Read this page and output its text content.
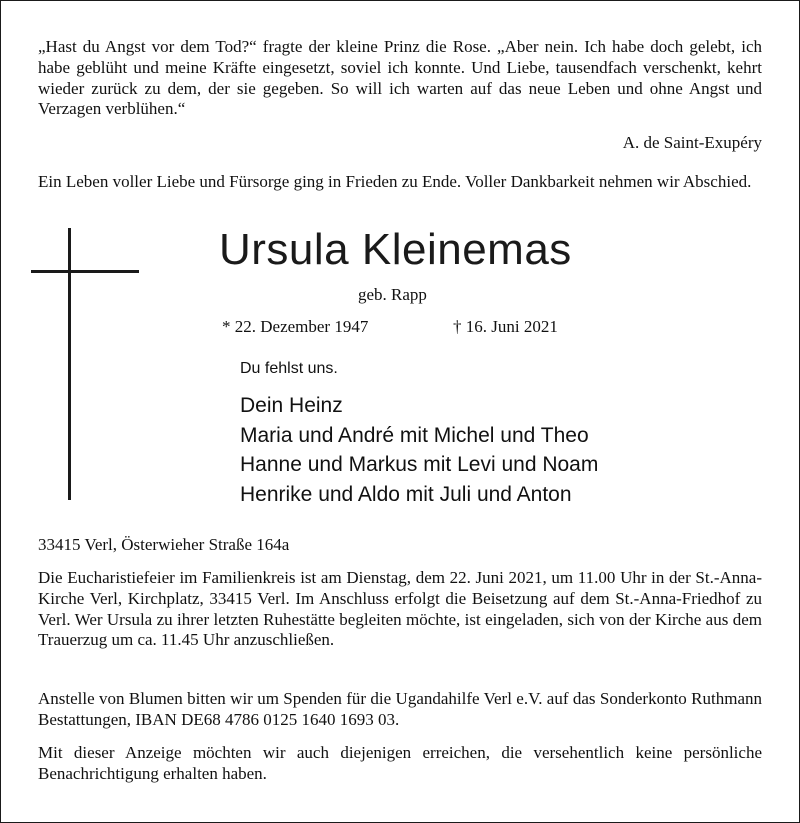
„Hast du Angst vor dem Tod?“ fragte der kleine Prinz die Rose. „Aber nein. Ich habe doch gelebt, ich habe geblüht und meine Kräfte eingesetzt, soviel ich konnte. Und Liebe, tausendfach verschenkt, kehrt wieder zurück zu dem, der sie gegeben. So will ich warten auf das neue Leben und ohne Angst und Verzagen verblühen.“

A. de Saint-Exupéry

Ein Leben voller Liebe und Fürsorge ging in Frieden zu Ende. Voller Dankbarkeit nehmen wir Abschied.

Ursula Kleinemas
geb. Rapp
* 22. Dezember 1947	† 16. Juni 2021
Du fehlst uns.
Dein Heinz
Maria und André mit Michel und Theo
Hanne und Markus mit Levi und Noam
Henrike und Aldo mit Juli und Anton
33415 Verl, Österwieher Straße 164a

Die Eucharistiefeier im Familienkreis ist am Dienstag, dem 22. Juni 2021, um 11.00 Uhr in der St.-Anna-Kirche Verl, Kirchplatz, 33415 Verl. Im Anschluss erfolgt die Beisetzung auf dem St.-Anna-Friedhof zu Verl. Wer Ursula zu ihrer letzten Ruhestätte begleiten möchte, ist eingeladen, sich von der Kirche aus dem Trauerzug um ca. 11.45 Uhr anzuschließen.

Anstelle von Blumen bitten wir um Spenden für die Ugandahilfe Verl e.V. auf das Sonderkonto Ruthmann Bestattungen, IBAN DE68 4786 0125 1640 1693 03.

Mit dieser Anzeige möchten wir auch diejenigen erreichen, die versehentlich keine persönliche Benachrichtigung erhalten haben.
